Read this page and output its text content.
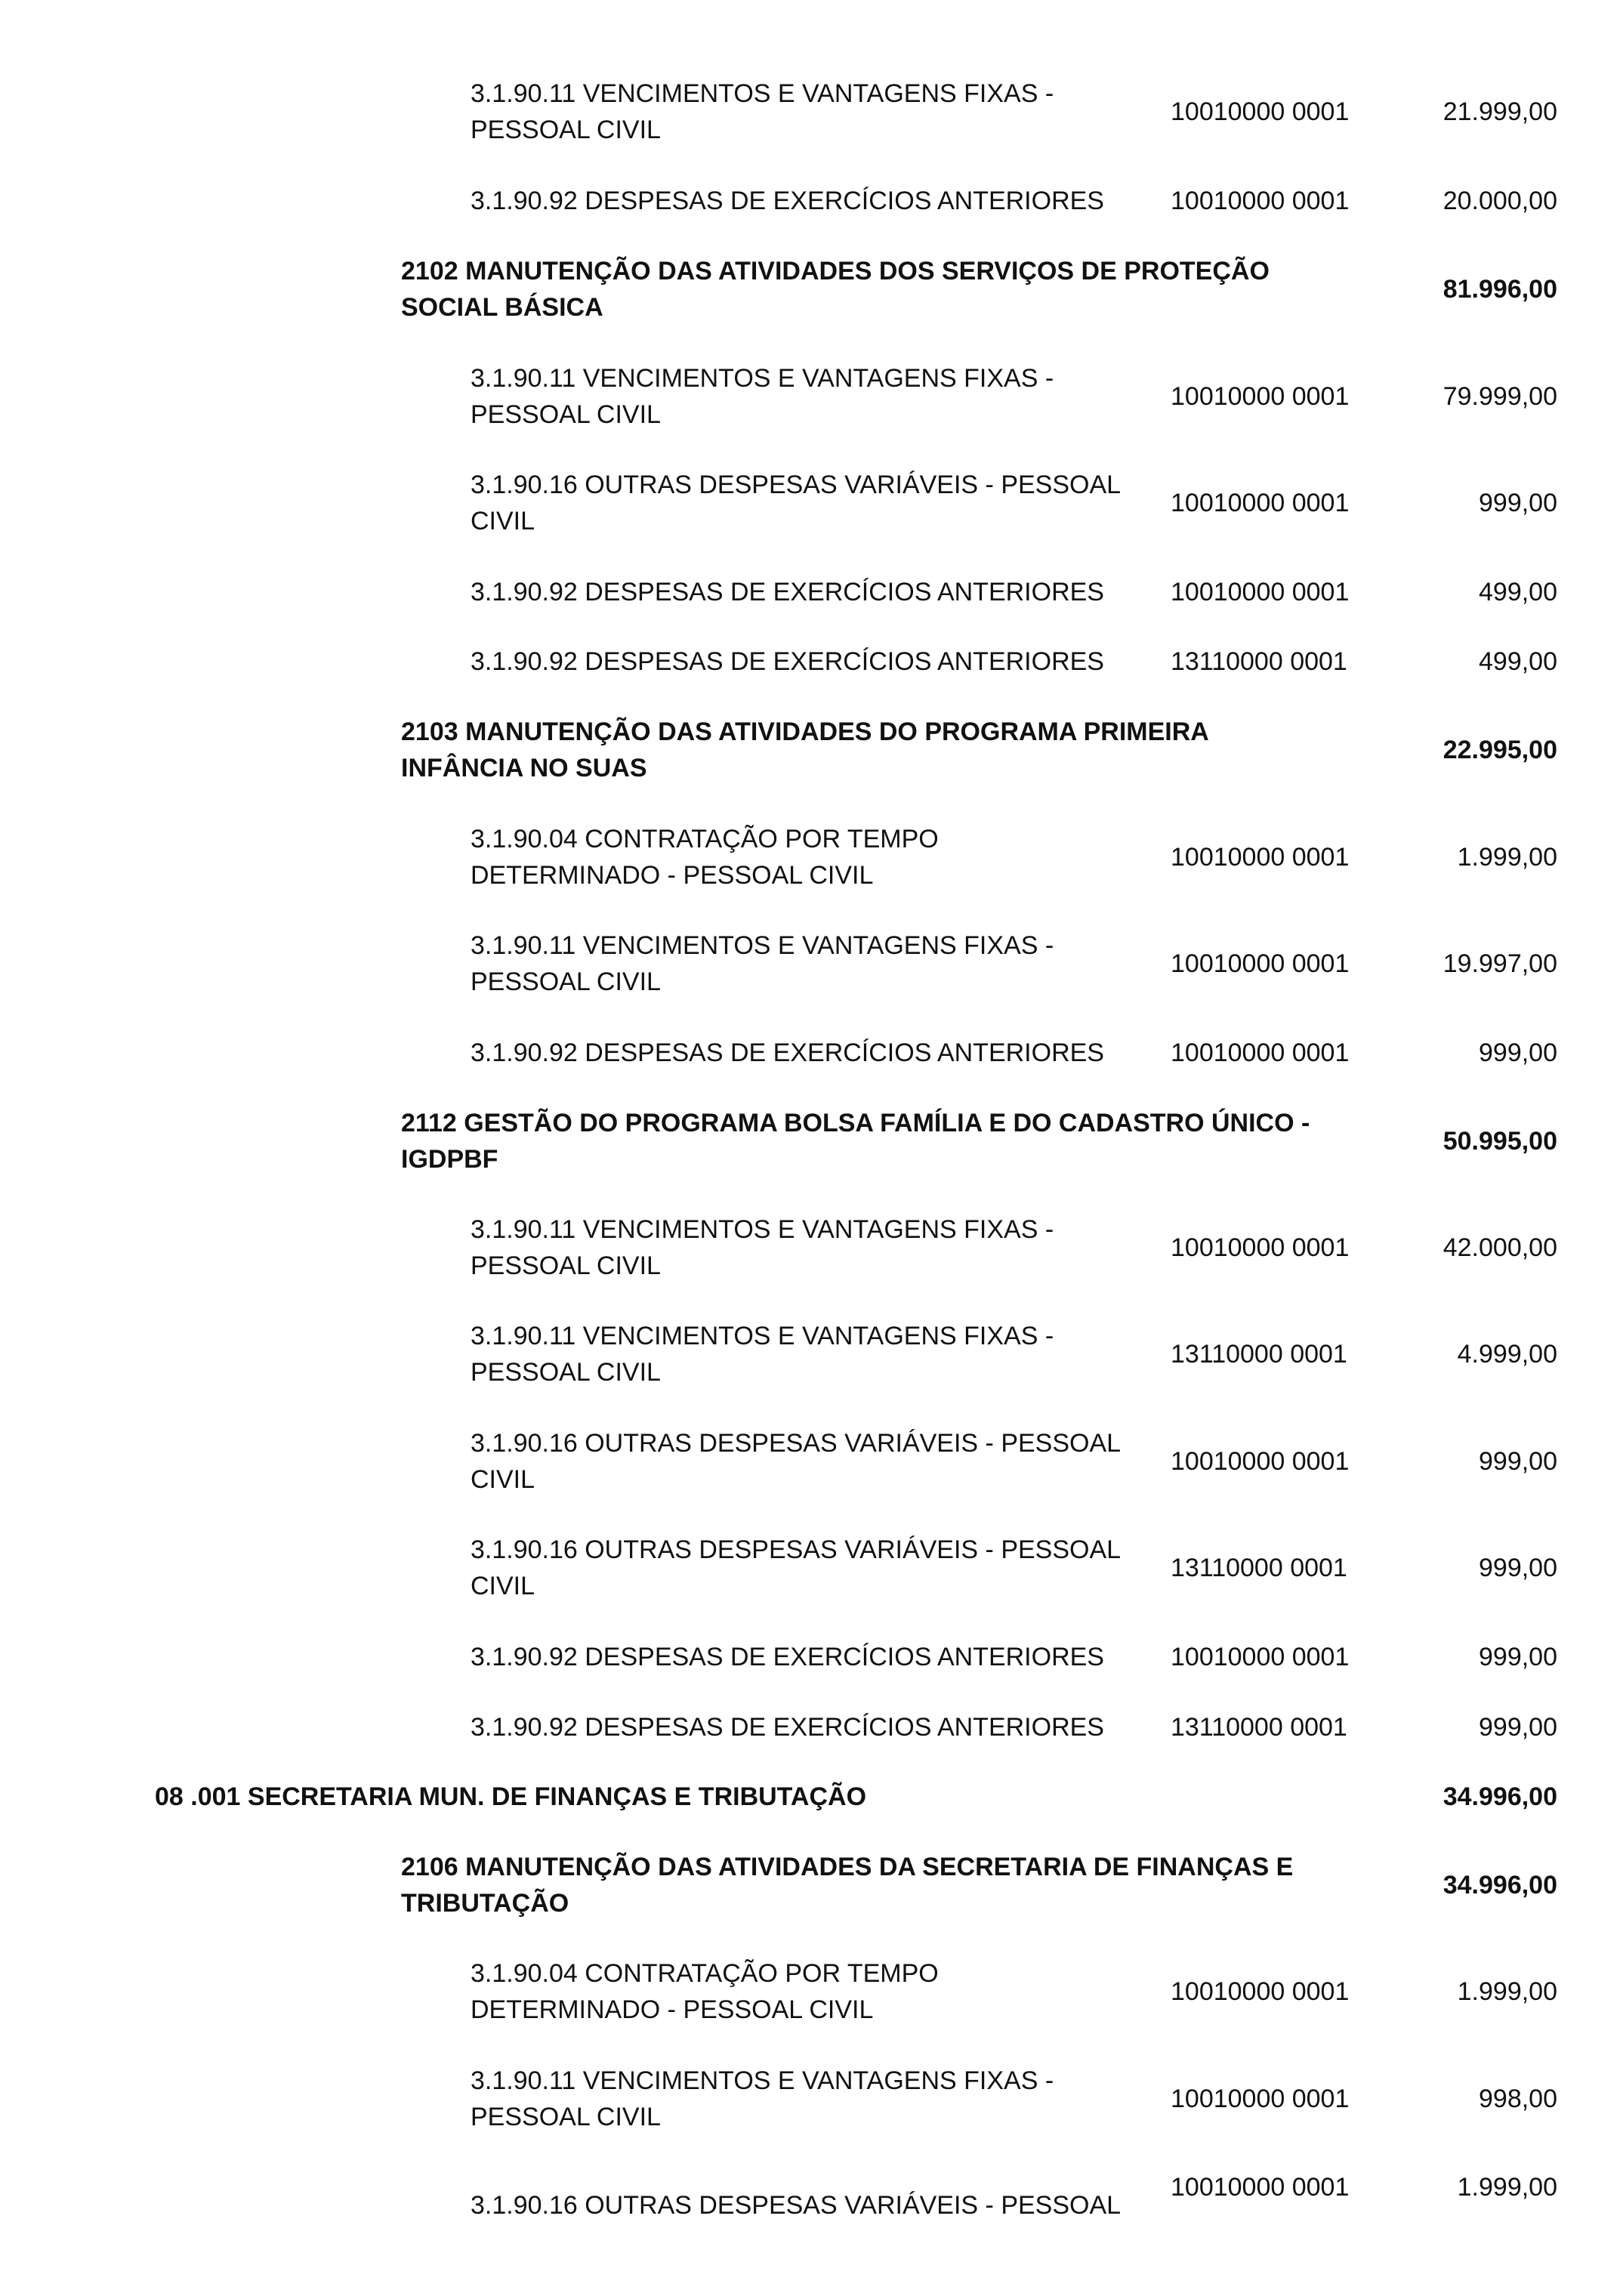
3.1.90.11 VENCIMENTOS E VANTAGENS FIXAS -
PESSOAL CIVIL
10010000 0001	21.999,00
3.1.90.92 DESPESAS DE EXERCÍCIOS ANTERIORES	10010000 0001	20.000,00
2102 MANUTENÇÃO DAS ATIVIDADES DOS SERVIÇOS DE PROTEÇÃO
SOCIAL BÁSICA
81.996,00
3.1.90.11 VENCIMENTOS E VANTAGENS FIXAS -
PESSOAL CIVIL
10010000 0001	79.999,00
3.1.90.16 OUTRAS DESPESAS VARIÁVEIS - PESSOAL
CIVIL
10010000 0001	999,00
3.1.90.92 DESPESAS DE EXERCÍCIOS ANTERIORES	10010000 0001	499,00
3.1.90.92 DESPESAS DE EXERCÍCIOS ANTERIORES	13110000 0001	499,00
2103 MANUTENÇÃO DAS ATIVIDADES DO PROGRAMA PRIMEIRA
INFÂNCIA NO SUAS
22.995,00
3.1.90.04 CONTRATAÇÃO POR TEMPO
DETERMINADO - PESSOAL CIVIL
10010000 0001	1.999,00
3.1.90.11 VENCIMENTOS E VANTAGENS FIXAS -
PESSOAL CIVIL
10010000 0001	19.997,00
3.1.90.92 DESPESAS DE EXERCÍCIOS ANTERIORES	10010000 0001	999,00
2112 GESTÃO DO PROGRAMA BOLSA FAMÍLIA E DO CADASTRO ÚNICO -
IGDPBF
50.995,00
3.1.90.11 VENCIMENTOS E VANTAGENS FIXAS -
PESSOAL CIVIL
10010000 0001	42.000,00
3.1.90.11 VENCIMENTOS E VANTAGENS FIXAS -
PESSOAL CIVIL
13110000 0001	4.999,00
3.1.90.16 OUTRAS DESPESAS VARIÁVEIS - PESSOAL
CIVIL
10010000 0001	999,00
3.1.90.16 OUTRAS DESPESAS VARIÁVEIS - PESSOAL
CIVIL
13110000 0001	999,00
3.1.90.92 DESPESAS DE EXERCÍCIOS ANTERIORES	10010000 0001	999,00
3.1.90.92 DESPESAS DE EXERCÍCIOS ANTERIORES	13110000 0001	999,00
08 .001 SECRETARIA MUN. DE FINANÇAS E TRIBUTAÇÃO	34.996,00
2106 MANUTENÇÃO DAS ATIVIDADES DA SECRETARIA DE FINANÇAS E
TRIBUTAÇÃO
34.996,00
3.1.90.04 CONTRATAÇÃO POR TEMPO
DETERMINADO - PESSOAL CIVIL
10010000 0001	1.999,00
3.1.90.11 VENCIMENTOS E VANTAGENS FIXAS -
PESSOAL CIVIL
10010000 0001	998,00
3.1.90.16 OUTRAS DESPESAS VARIÁVEIS - PESSOAL
10010000 0001	1.999,00
